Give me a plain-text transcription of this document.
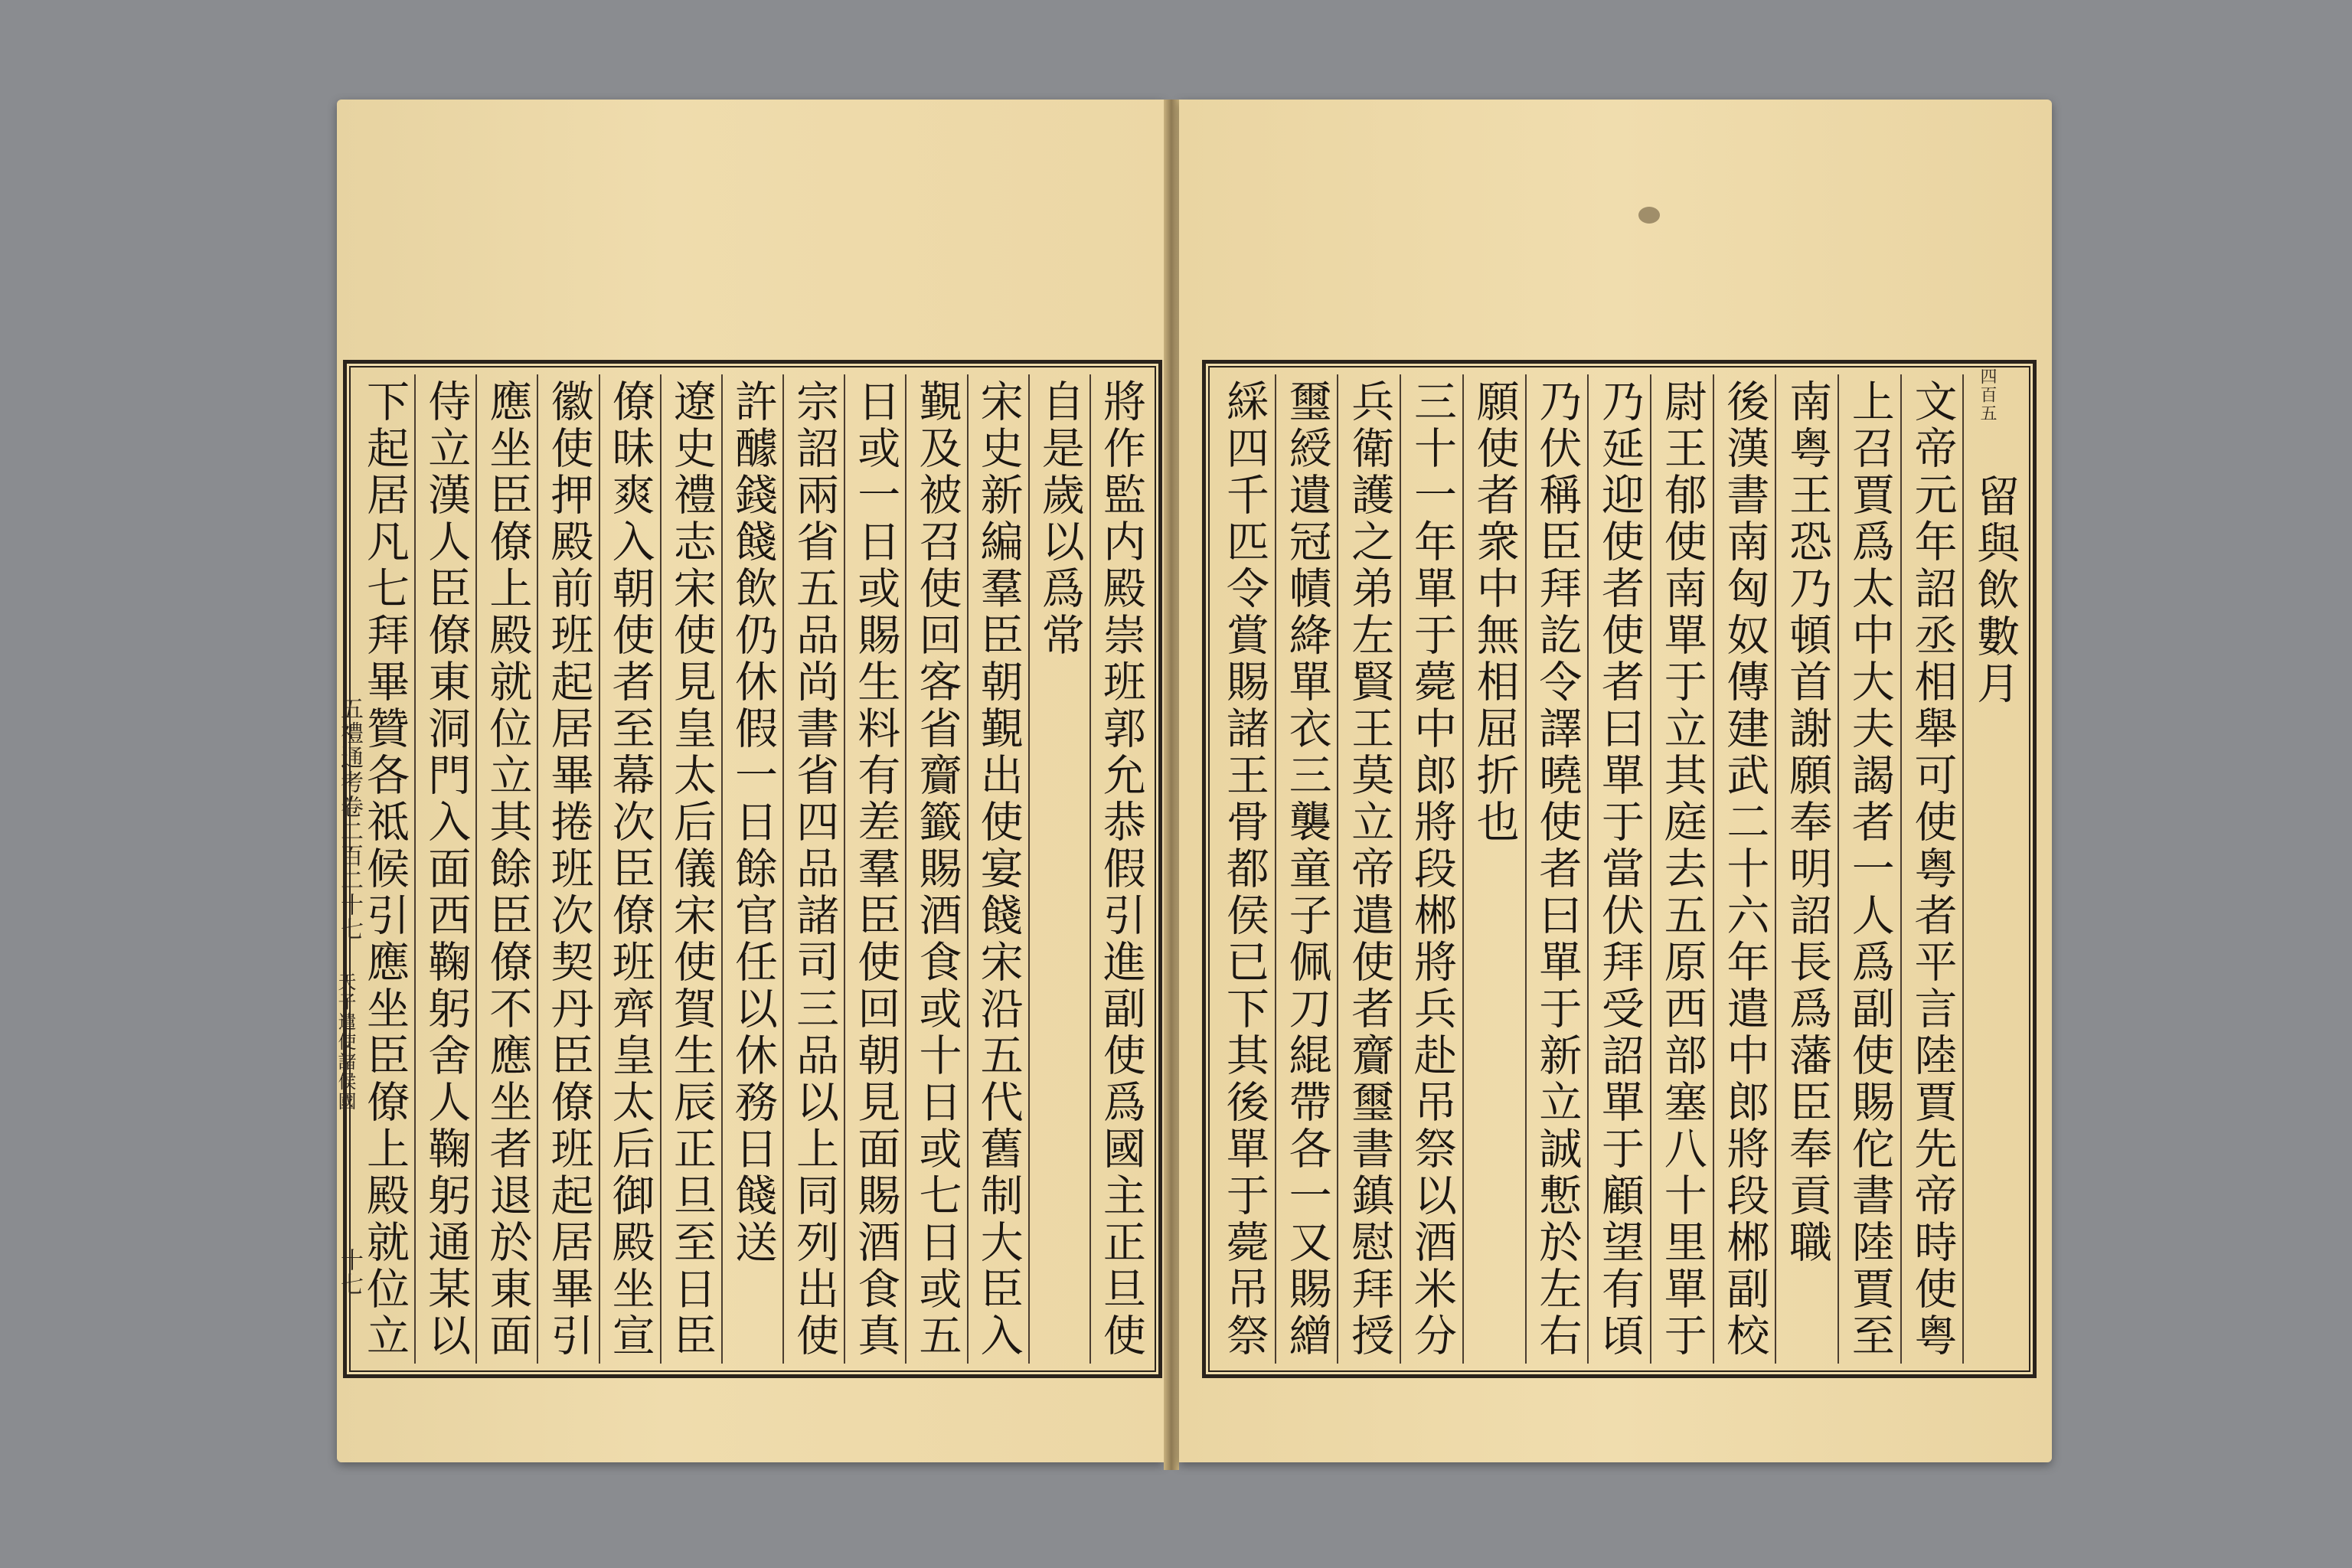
將作監内殿崇班郭允恭假引進副使爲國主正旦使
自是歲以爲常
宋史新編羣臣朝覲出使宴餞宋沿五代舊制大臣入
覲及被召使回客省齎籤賜酒食或十日或七日或五
日或一日或賜生料有差羣臣使回朝見面賜酒食真
宗詔兩省五品尚書省四品諸司三品以上同列出使
許醵錢餞飲仍休假一日餘官任以休務日餞送
遼史禮志宋使見皇太后儀宋使賀生辰正旦至日臣
僚昧爽入朝使者至幕次臣僚班齊皇太后御殿坐宣
徽使押殿前班起居畢捲班次契丹臣僚班起居畢引
應坐臣僚上殿就位立其餘臣僚不應坐者退於東面
侍立漢人臣僚東洞門入面西鞠躬舍人鞠躬通某以
下起居凡七拜畢贊各祗候引應坐臣僚上殿就位立
五禮通考卷二百二十七
天子遣使諸侯國
十七
留與飲數月
文帝元年詔丞相舉可使粤者平言陸賈先帝時使粤
上召賈爲太中大夫謁者一人爲副使賜佗書陸賈至
南粤王恐乃頓首謝願奉明詔長爲藩臣奉貢職
後漢書南匈奴傳建武二十六年遣中郎將段郴副校
尉王郁使南單于立其庭去五原西部塞八十里單于
乃延迎使者使者曰單于當伏拜受詔單于顧望有頃
乃伏稱臣拜訖令譯曉使者曰單于新立誠慙於左右
願使者衆中無相屈折也
三十一年單于薨中郎將段郴將兵赴吊祭以酒米分
兵衛護之弟左賢王莫立帝遣使者齎璽書鎮慰拜授
璽綬遺冠幘絳單衣三襲童子佩刀緄帶各一又賜繒
綵四千匹令賞賜諸王骨都侯已下其後單于薨吊祭	四百五
